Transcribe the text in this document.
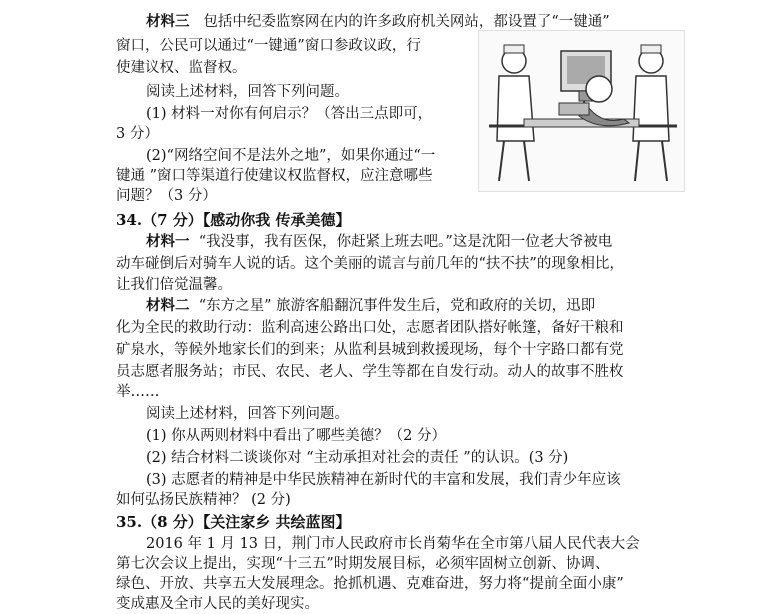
材料三 包括中纪委监察网在内的许多政府机关网站，都设置了“一键通”
窗口，公民可以通过“一键通”窗口参政议政，行
使建议权、监督权。
阅读上述材料，回答下列问题。
(1) 材料一对你有何启示？（答出三点即可，
3 分）
(2)“网络空间不是法外之地”，如果你通过“一
键通 ”窗口等渠道行使建议权监督权，应注意哪些
问题？（3 分）
34.（7 分）【感动你我 传承美德】
材料一 “我没事，我有医保，你赶紧上班去吧。”这是沈阳一位老大爷被电
动车碰倒后对骑车人说的话。这个美丽的谎言与前几年的“扶不扶”的现象相比，
让我们倍觉温馨。
材料二 “东方之星” 旅游客船翻沉事件发生后，党和政府的关切，迅即
化为全民的救助行动：监利高速公路出口处，志愿者团队搭好帐篷，备好干粮和
矿泉水，等候外地家长们的到来；从监利县城到救援现场，每个十字路口都有党
员志愿者服务站；市民、农民、老人、学生等都在自发行动。动人的故事不胜枚
举……
阅读上述材料，回答下列问题。
(1) 你从两则材料中看出了哪些美德？（2 分）
(2) 结合材料二谈谈你对 “主动承担对社会的责任 ”的认识。(3 分)
(3) 志愿者的精神是中华民族精神在新时代的丰富和发展，我们青少年应该
如何弘扬民族精神？ (2 分)
35.（8 分）【关注家乡 共绘蓝图】
2016 年 1 月 13 日，荆门市人民政府市长肖菊华在全市第八届人民代表大会
第七次会议上提出，实现“十三五”时期发展目标，必须牢固树立创新、协调、
绿色、开放、共享五大发展理念。抢抓机遇、克难奋进，努力将“提前全面小康”
变成惠及全市人民的美好现实。
